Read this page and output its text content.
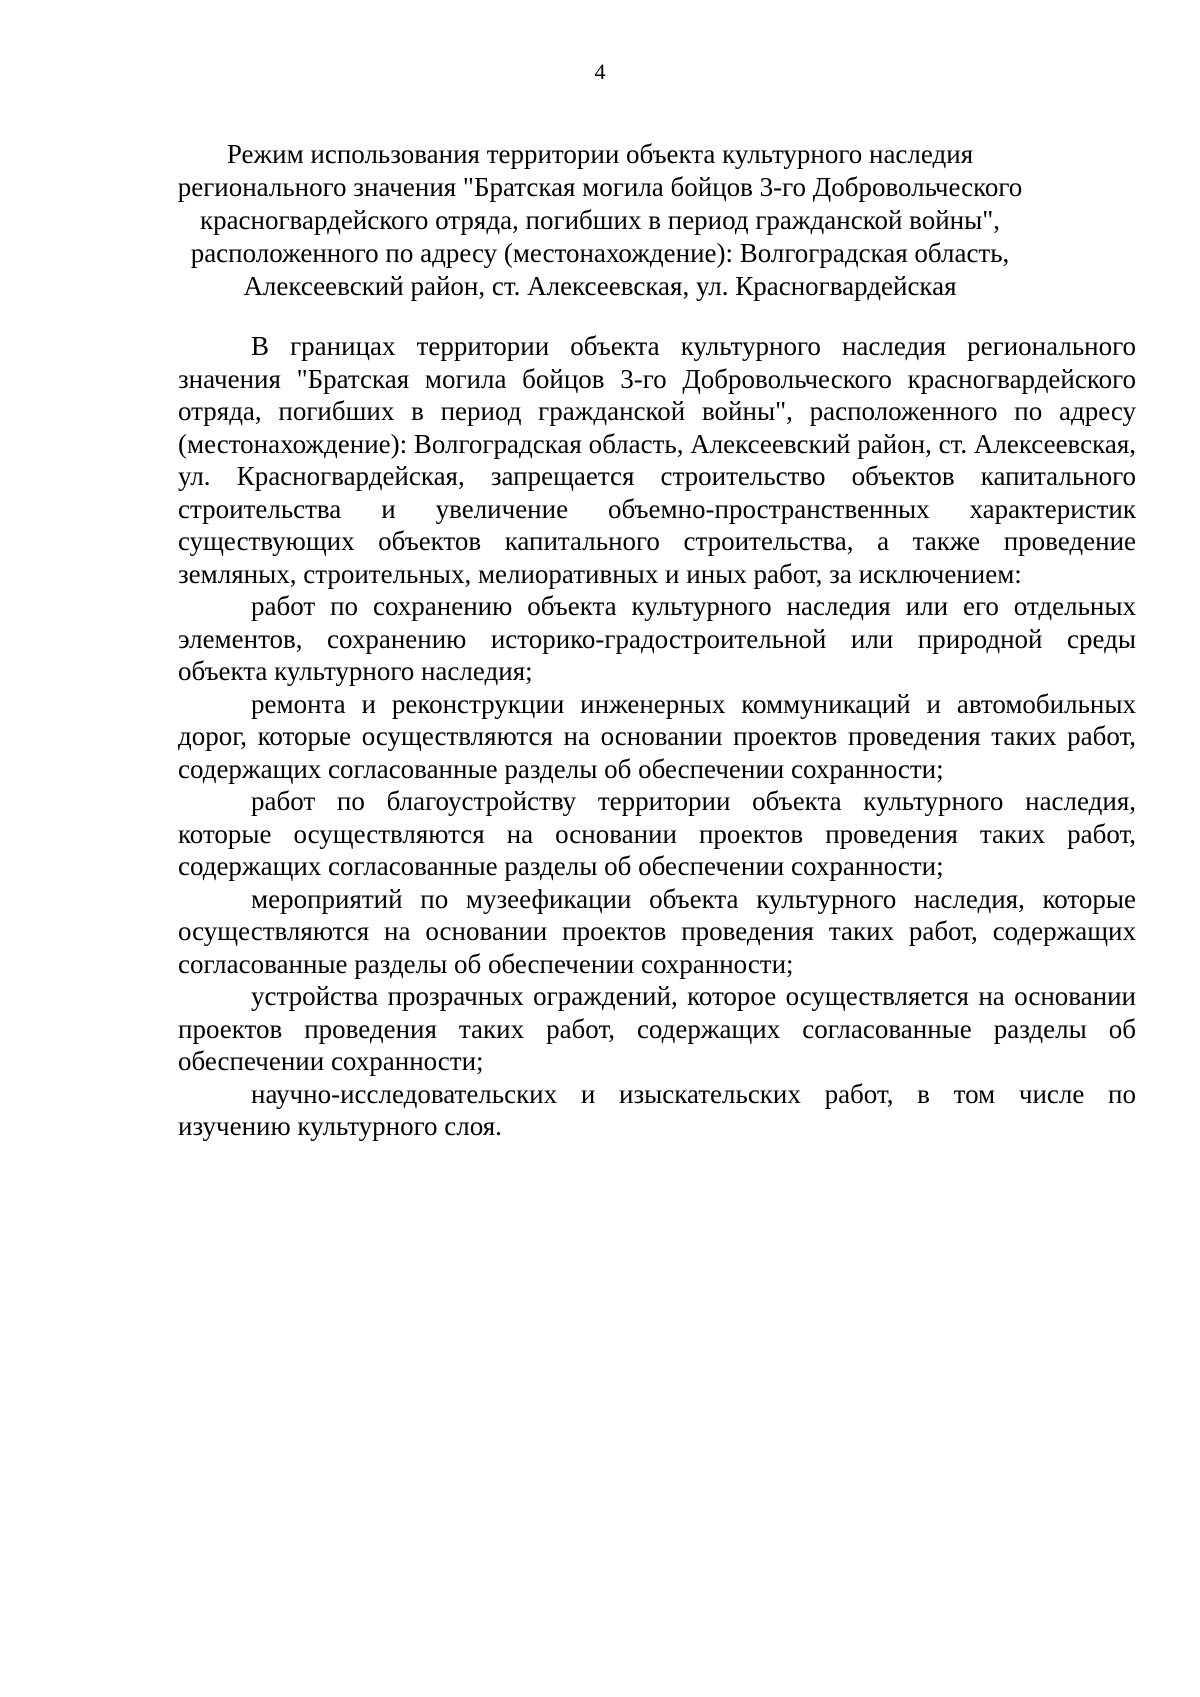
4
Режим использования территории объекта культурного наследия
регионального значения "Братская могила бойцов 3-го Добровольческого
красногвардейского отряда, погибших в период гражданской войны",
расположенного по адресу (местонахождение): Волгоградская область,
Алексеевский район, ст. Алексеевская, ул. Красногвардейская

В границах территории объекта культурного наследия регионального значения "Братская могила бойцов 3-го Добровольческого красногвардейского отряда, погибших в период гражданской войны", расположенного по адресу (местонахождение): Волгоградская область, Алексеевский район, ст. Алексеевская, ул. Красногвардейская, запрещается строительство объектов капитального строительства и увеличение объемно-пространственных характеристик существующих объектов капитального строительства, а также проведение земляных, строительных, мелиоративных и иных работ, за исключением:

работ по сохранению объекта культурного наследия или его отдельных элементов, сохранению историко-градостроительной или природной среды объекта культурного наследия;

ремонта и реконструкции инженерных коммуникаций и автомобильных дорог, которые осуществляются на основании проектов проведения таких работ, содержащих согласованные разделы об обеспечении сохранности;

работ по благоустройству территории объекта культурного наследия, которые осуществляются на основании проектов проведения таких работ, содержащих согласованные разделы об обеспечении сохранности;

мероприятий по музеефикации объекта культурного наследия, которые осуществляются на основании проектов проведения таких работ, содержащих согласованные разделы об обеспечении сохранности;

устройства прозрачных ограждений, которое осуществляется на основании проектов проведения таких работ, содержащих согласованные разделы об обеспечении сохранности;

научно-исследовательских и изыскательских работ, в том числе по изучению культурного слоя.
